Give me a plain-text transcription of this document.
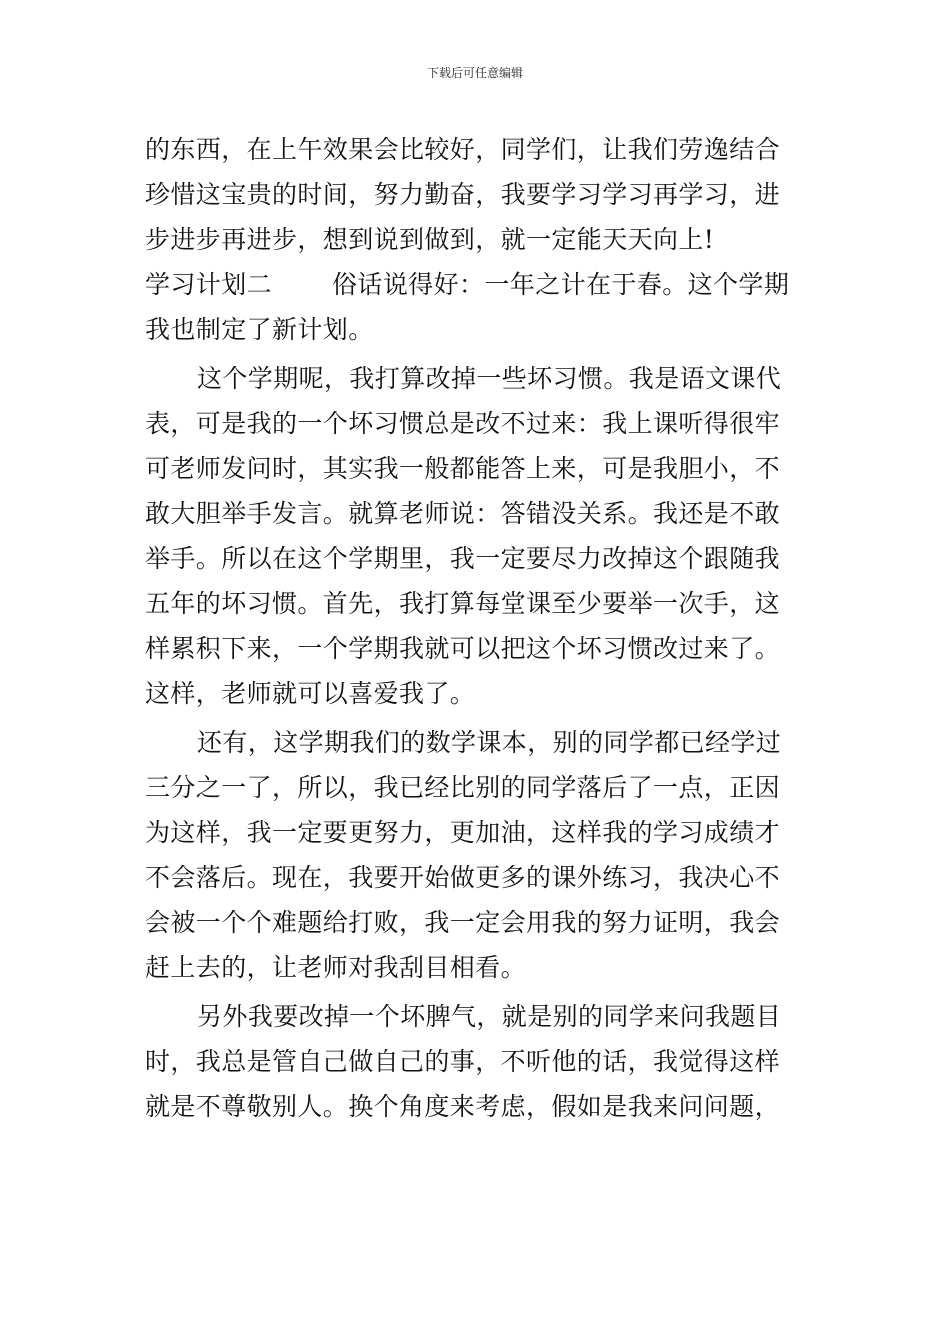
下载后可任意编辑
的东西，在上午效果会比较好，同学们，让我们劳逸结合
珍惜这宝贵的时间，努力勤奋，我要学习学习再学习，进
步进步再进步，想到说到做到，就一定能天天向上!
学习计划二 俗话说得好：一年之计在于春。这个学期
我也制定了新计划。
这个学期呢，我打算改掉一些坏习惯。我是语文课代
表，可是我的一个坏习惯总是改不过来：我上课听得很牢
可老师发问时，其实我一般都能答上来，可是我胆小，不
敢大胆举手发言。就算老师说：答错没关系。我还是不敢
举手。所以在这个学期里，我一定要尽力改掉这个跟随我
五年的坏习惯。首先，我打算每堂课至少要举一次手，这
样累积下来，一个学期我就可以把这个坏习惯改过来了。
这样，老师就可以喜爱我了。
还有，这学期我们的数学课本，别的同学都已经学过
三分之一了，所以，我已经比别的同学落后了一点，正因
为这样，我一定要更努力，更加油，这样我的学习成绩才
不会落后。现在，我要开始做更多的课外练习，我决心不
会被一个个难题给打败，我一定会用我的努力证明，我会
赶上去的，让老师对我刮目相看。
另外我要改掉一个坏脾气，就是别的同学来问我题目
时，我总是管自己做自己的事，不听他的话，我觉得这样
就是不尊敬别人。换个角度来考虑，假如是我来问问题，
